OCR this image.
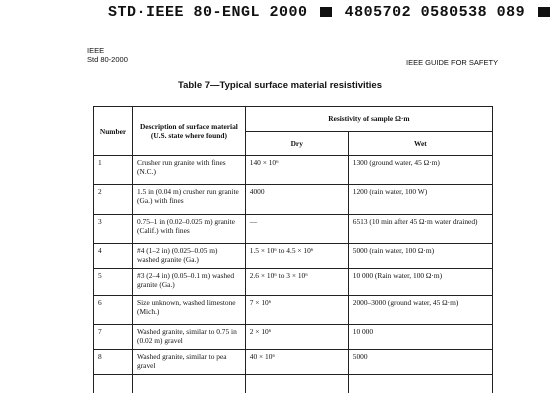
STD·IEEE 80-ENGL 2000 4805702 0580538 089
IEEE
Std 80-2000	IEEE GUIDE FOR SAFETY
Table 7—Typical surface material resistivities
Number	Description of surface material (U.S. state where found)	Resistivity of sample Ω·m	
		Dry	Wet
1	Crusher run granite with fines (N.C.)	140 × 10⁶	1300 (ground water, 45 Ω·m)
2	1.5 in (0.04 m) crusher run granite (Ga.) with fines	4000	1200 (rain water, 100 W)
3	0.75–1 in (0.02–0.025 m) granite (Calif.) with fines	—	6513 (10 min after 45 Ω·m water drained)
4	#4 (1–2 in) (0.025–0.05 m) washed granite (Ga.)	1.5 × 10⁶ to 4.5 × 10⁶	5000 (rain water, 100 Ω·m)
5	#3 (2–4 in) (0.05–0.1 m) washed granite (Ga.)	2.6 × 10⁶ to 3 × 10⁶	10 000 (Rain water, 100 Ω·m)
6	Size unknown, washed limestone (Mich.)	7 × 10⁶	2000–3000 (ground water, 45 Ω·m)
7	Washed granite, similar to 0.75 in (0.02 m) gravel	2 × 10⁶	10 000
8	Washed granite, similar to pea gravel	40 × 10⁶	5000
